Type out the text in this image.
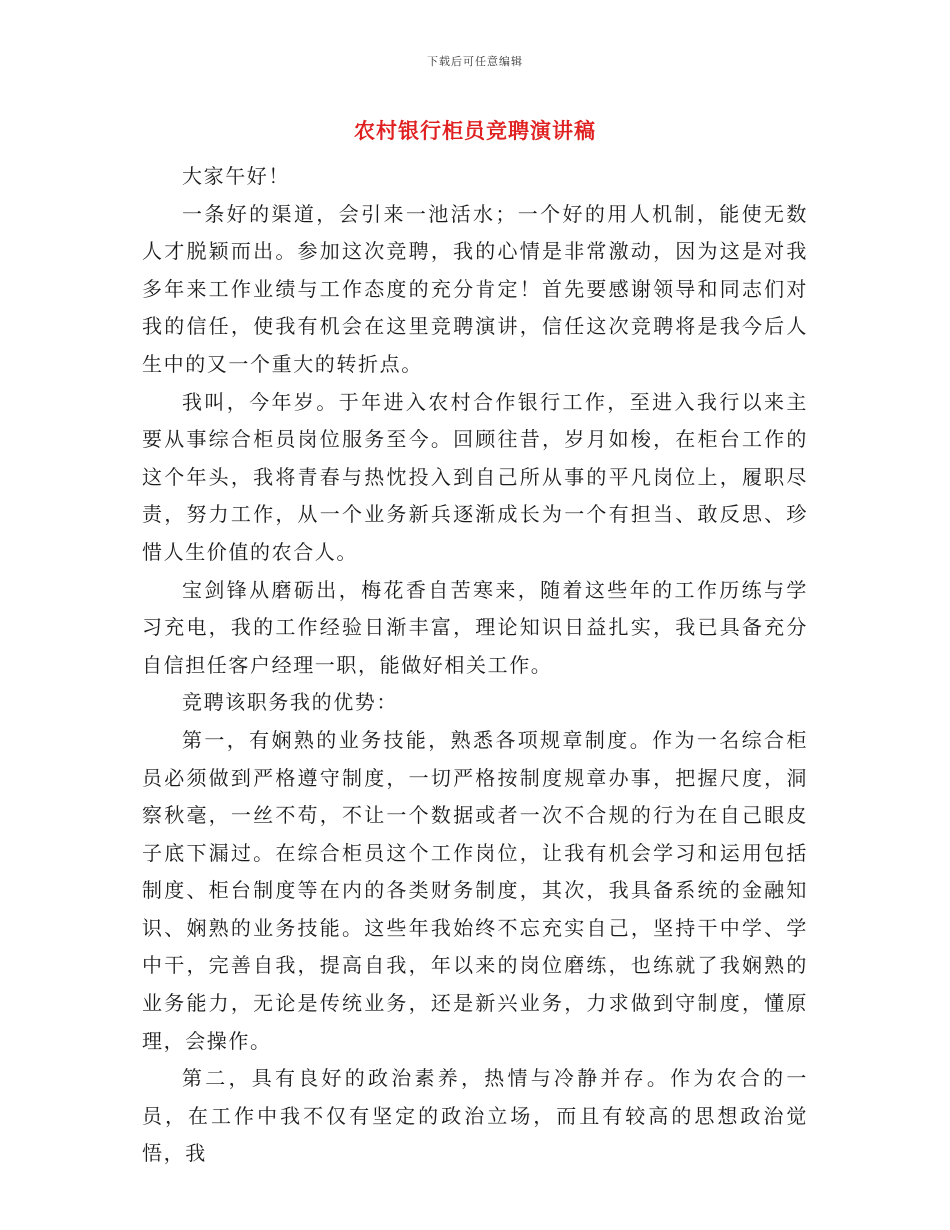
下载后可任意编辑
农村银行柜员竞聘演讲稿

大家午好！

一条好的渠道，会引来一池活水；一个好的用人机制，能使无数人才脱颖而出。参加这次竞聘，我的心情是非常激动，因为这是对我多年来工作业绩与工作态度的充分肯定！首先要感谢领导和同志们对我的信任，使我有机会在这里竞聘演讲，信任这次竞聘将是我今后人生中的又一个重大的转折点。

我叫，今年岁。于年进入农村合作银行工作，至进入我行以来主要从事综合柜员岗位服务至今。回顾往昔，岁月如梭，在柜台工作的这个年头，我将青春与热忱投入到自己所从事的平凡岗位上，履职尽责，努力工作，从一个业务新兵逐渐成长为一个有担当、敢反思、珍惜人生价值的农合人。

宝剑锋从磨砺出，梅花香自苦寒来，随着这些年的工作历练与学习充电，我的工作经验日渐丰富，理论知识日益扎实，我已具备充分自信担任客户经理一职，能做好相关工作。

竞聘该职务我的优势：

第一，有娴熟的业务技能，熟悉各项规章制度。作为一名综合柜员必须做到严格遵守制度，一切严格按制度规章办事，把握尺度，洞察秋毫，一丝不苟，不让一个数据或者一次不合规的行为在自己眼皮子底下漏过。在综合柜员这个工作岗位，让我有机会学习和运用包括制度、柜台制度等在内的各类财务制度，其次，我具备系统的金融知识、娴熟的业务技能。这些年我始终不忘充实自己，坚持干中学、学中干，完善自我，提高自我，年以来的岗位磨练，也练就了我娴熟的业务能力，无论是传统业务，还是新兴业务，力求做到守制度，懂原理，会操作。

第二，具有良好的政治素养，热情与冷静并存。作为农合的一员，在工作中我不仅有坚定的政治立场，而且有较高的思想政治觉悟，我
